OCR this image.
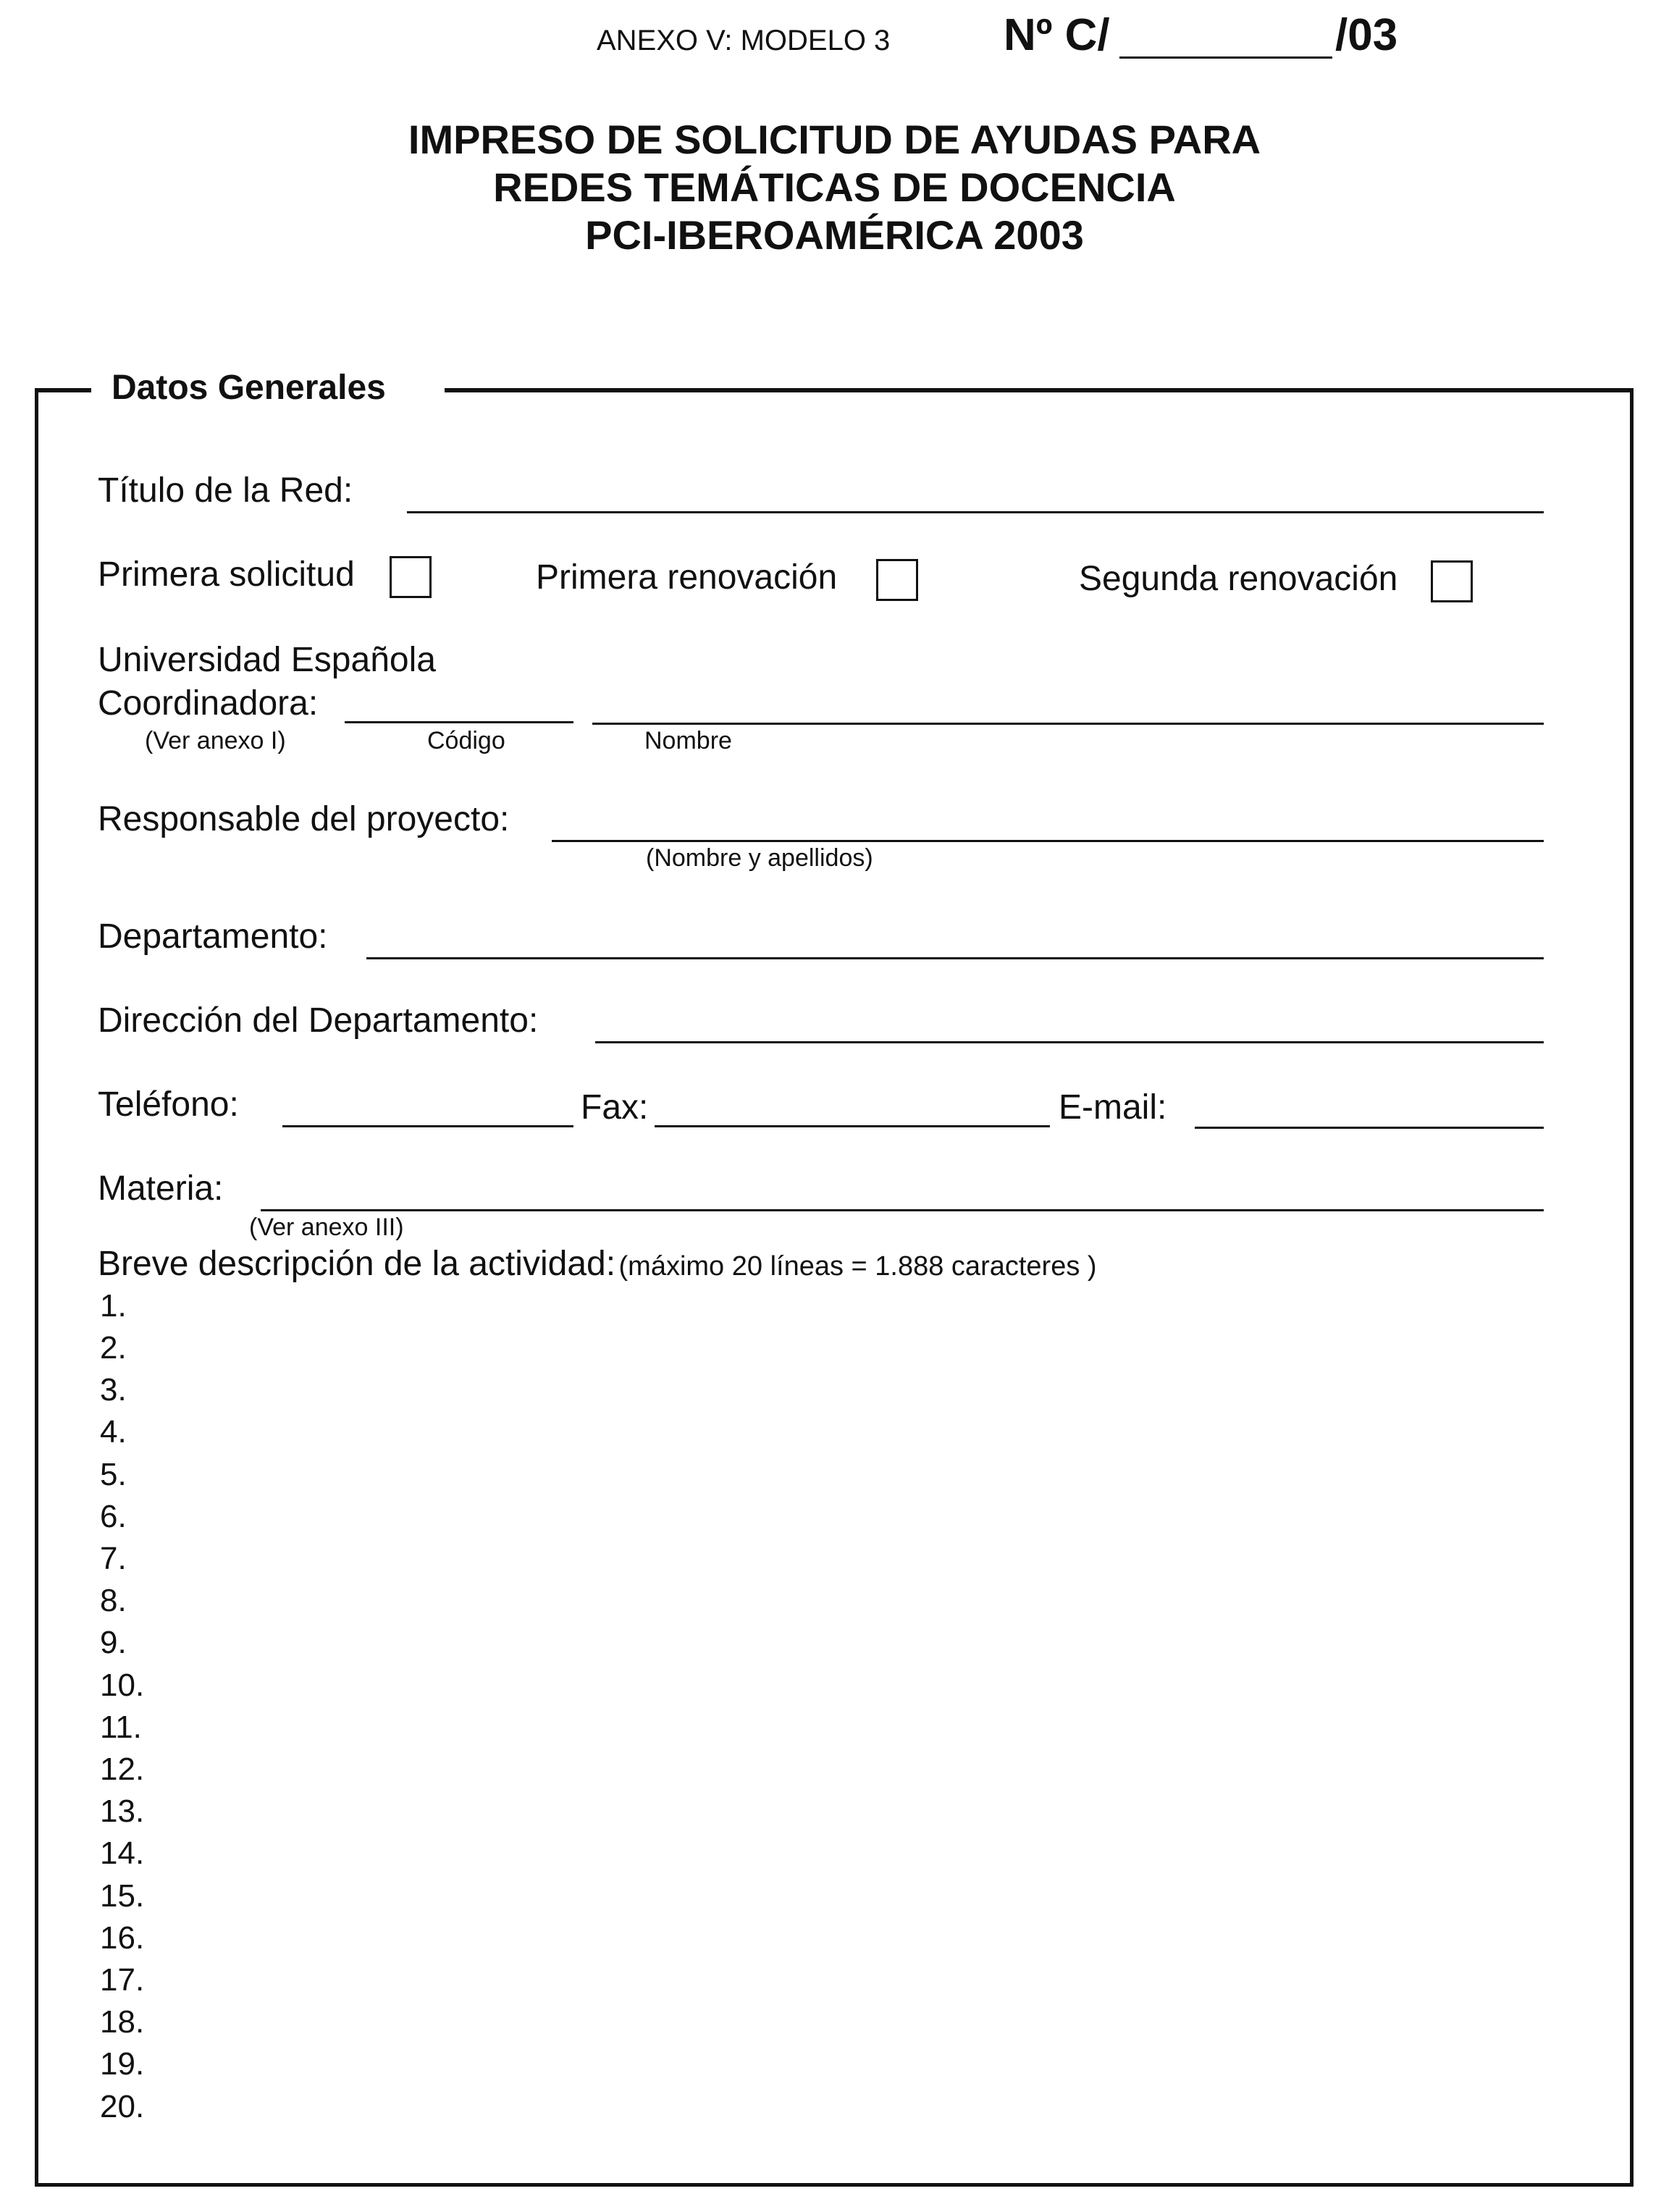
ANEXO V: MODELO 3	Nº C/	/03
IMPRESO DE SOLICITUD DE AYUDAS PARA
REDES TEMÁTICAS DE DOCENCIA
PCI-IBEROAMÉRICA 2003
Datos Generales
Título de la Red:
Primera solicitud	Primera renovación	Segunda renovación
Universidad Española
Coordinadora:
(Ver anexo I)	Código	Nombre
Responsable del proyecto:
(Nombre y apellidos)
Departamento:
Dirección del Departamento:
Teléfono:	Fax:	E-mail:
Materia:
(Ver anexo III)
Breve descripción de la actividad: (máximo 20 líneas = 1.888 caracteres )
1.
2.
3.
4.
5.
6.
7.
8.
9.
10.
11.
12.
13.
14.
15.
16.
17.
18.
19.
20.
